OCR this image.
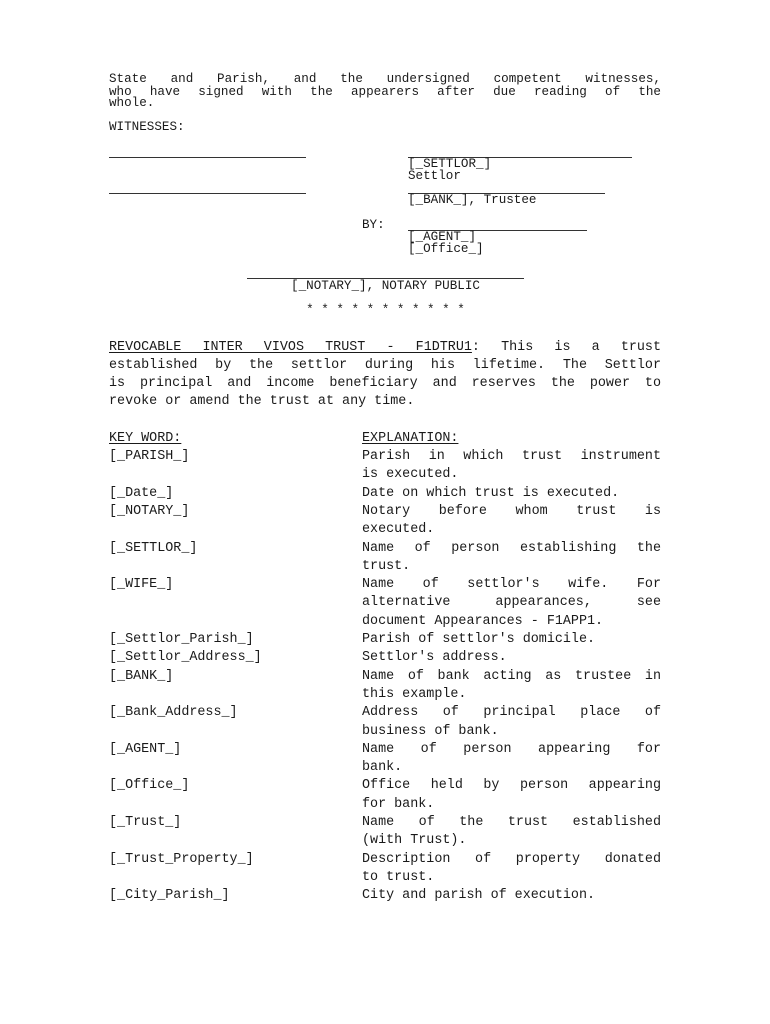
State and Parish, and the undersigned competent witnesses,
who have signed with the appearers after due reading of the
whole.
WITNESSES:
[_SETTLOR_]
Settlor
[_BANK_], Trustee
BY:
[_AGENT_]
[_Office_]
[_NOTARY_], NOTARY PUBLIC
* * * * * * * * * * *
REVOCABLE INTER VIVOS TRUST - F1DTRU1: This is a trust
established by the settlor during his lifetime. The Settlor
is principal and income beneficiary and reserves the power to
revoke or amend the trust at any time.
KEY WORD:	EXPLANATION:
[_PARISH_]	Parish in which trust instrument
is executed.
[_Date_]	Date on which trust is executed.
[_NOTARY_]	Notary before whom trust is
executed.
[_SETTLOR_]	Name of person establishing the
trust.
[_WIFE_]	Name of settlor's wife. For
alternative appearances, see
document Appearances - F1APP1.
[_Settlor_Parish_]	Parish of settlor's domicile.
[_Settlor_Address_]	Settlor's address.
[_BANK_]	Name of bank acting as trustee in
this example.
[_Bank_Address_]	Address of principal place of
business of bank.
[_AGENT_]	Name of person appearing for
bank.
[_Office_]	Office held by person appearing
for bank.
[_Trust_]	Name of the trust established
(with Trust).
[_Trust_Property_]	Description of property donated
to trust.
[_City_Parish_]	City and parish of execution.
